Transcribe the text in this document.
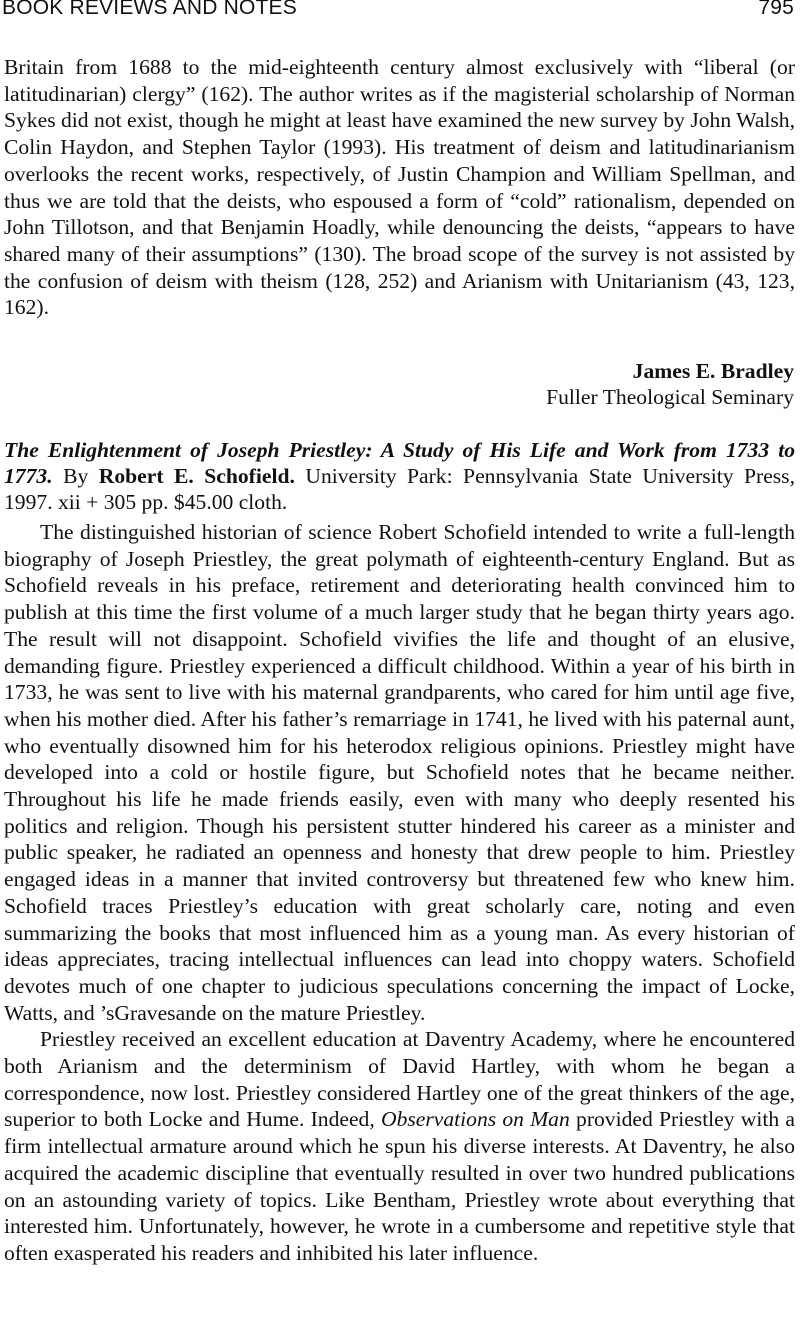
BOOK REVIEWS AND NOTES	795

Britain from 1688 to the mid-eighteenth century almost exclusively with “liberal (or latitudinarian) clergy” (162). The author writes as if the magisterial scholarship of Norman Sykes did not exist, though he might at least have examined the new survey by John Walsh, Colin Haydon, and Stephen Taylor (1993). His treatment of deism and latitudinarianism overlooks the recent works, respectively, of Justin Champion and William Spellman, and thus we are told that the deists, who espoused a form of “cold” rationalism, depended on John Tillotson, and that Benjamin Hoadly, while denouncing the deists, “appears to have shared many of their assumptions” (130). The broad scope of the survey is not assisted by the confusion of deism with theism (128, 252) and Arianism with Unitarianism (43, 123, 162).

James E. Bradley
Fuller Theological Seminary
The Enlightenment of Joseph Priestley: A Study of His Life and Work from 1733 to 1773. By Robert E. Schofield. University Park: Pennsylvania State University Press, 1997. xii + 305 pp. $45.00 cloth.

The distinguished historian of science Robert Schofield intended to write a full-length biography of Joseph Priestley, the great polymath of eighteenth-century England. But as Schofield reveals in his preface, retirement and deteriorating health convinced him to publish at this time the first volume of a much larger study that he began thirty years ago. The result will not disappoint. Schofield vivifies the life and thought of an elusive, demanding figure. Priestley experienced a difficult childhood. Within a year of his birth in 1733, he was sent to live with his maternal grandparents, who cared for him until age five, when his mother died. After his father’s remarriage in 1741, he lived with his paternal aunt, who eventually disowned him for his heterodox religious opinions. Priestley might have developed into a cold or hostile figure, but Schofield notes that he became neither. Throughout his life he made friends easily, even with many who deeply resented his politics and religion. Though his persistent stutter hindered his career as a minister and public speaker, he radiated an openness and honesty that drew people to him. Priestley engaged ideas in a manner that invited controversy but threatened few who knew him. Schofield traces Priestley’s education with great scholarly care, noting and even summarizing the books that most influenced him as a young man. As every historian of ideas appreciates, tracing intellectual influences can lead into choppy waters. Schofield devotes much of one chapter to judicious speculations concerning the impact of Locke, Watts, and ’sGravesande on the mature Priestley.

Priestley received an excellent education at Daventry Academy, where he encountered both Arianism and the determinism of David Hartley, with whom he began a correspondence, now lost. Priestley considered Hartley one of the great thinkers of the age, superior to both Locke and Hume. Indeed, Observations on Man provided Priestley with a firm intellectual armature around which he spun his diverse interests. At Daventry, he also acquired the academic discipline that eventually resulted in over two hundred publications on an astounding variety of topics. Like Bentham, Priestley wrote about everything that interested him. Unfortunately, however, he wrote in a cumbersome and repetitive style that often exasperated his readers and inhibited his later influence.
